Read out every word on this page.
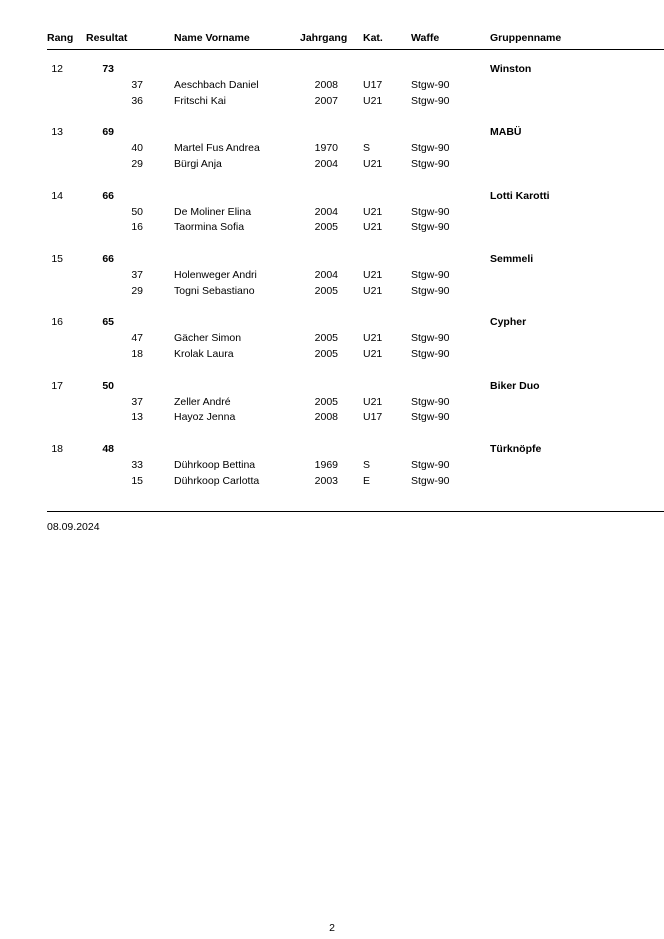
Rang Resultat	Name Vorname	Jahrgang Kat.	Waffe	Gruppenname
12	73	Winston
37	Aeschbach Daniel	2008 U17	Stgw-90
36	Fritschi Kai	2007 U21	Stgw-90
13	69	MABÜ
40	Martel Fus Andrea	1970 S	Stgw-90
29	Bürgi Anja	2004 U21	Stgw-90
14	66	Lotti Karotti
50	De Moliner Elina	2004 U21	Stgw-90
16	Taormina Sofia	2005 U21	Stgw-90
15	66	Semmeli
37	Holenweger Andri	2004 U21	Stgw-90
29	Togni Sebastiano	2005 U21	Stgw-90
16	65	Cypher
47	Gächer Simon	2005 U21	Stgw-90
18	Krolak Laura	2005 U21	Stgw-90
17	50	Biker Duo
37	Zeller André	2005 U21	Stgw-90
13	Hayoz Jenna	2008 U17	Stgw-90
18	48	Türknöpfe
33	Dührkoop Bettina	1969 S	Stgw-90
15	Dührkoop Carlotta	2003 E	Stgw-90
08.09.2024
2
